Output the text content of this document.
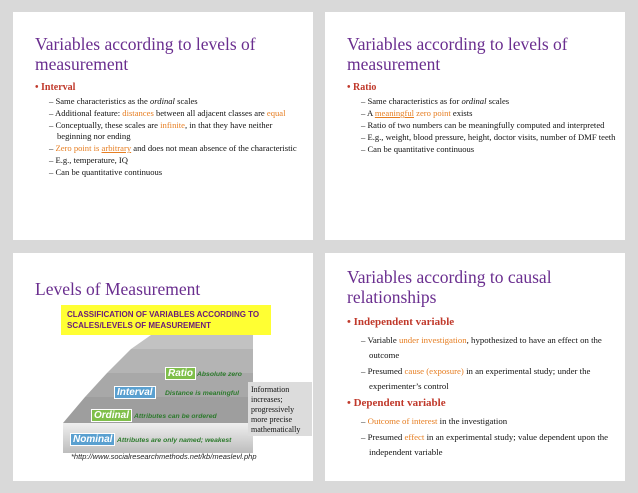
Variables according to levels of measurement
• Interval
– Same characteristics as the ordinal scales
– Additional feature: distances between all adjacent classes are equal
– Conceptually, these scales are infinite, in that they have neither beginning nor ending
– Zero point is arbitrary and does not mean absence of the characteristic
– E.g., temperature, IQ
– Can be quantitative continuous
Variables according to levels of measurement
• Ratio
– Same characteristics as for ordinal scales
– A meaningful zero point exists
– Ratio of two numbers can be meaningfully computed and interpreted
– E.g., weight, blood pressure, height, doctor visits, number of DMF teeth
– Can be quantitative continuous
Levels of Measurement
CLASSIFICATION OF VARIABLES ACCORDING TO SCALES/LEVELS OF MEASUREMENT
Nominal Attributes are only named; weakest
Ordinal Attributes can be ordered
Interval	Distance is meaningful
Ratio Absolute zero
Information increases; progressively more precise mathematically
*http://www.socialresearchmethods.net/kb/measlevl.php
Variables according to causal relationships
• Independent variable
– Variable under investigation, hypothesized to have an effect on the outcome
– Presumed cause (exposure) in an experimental study; under the experimenter’s control
• Dependent variable
– Outcome of interest in the investigation
– Presumed effect in an experimental study; value dependent upon the independent variable
